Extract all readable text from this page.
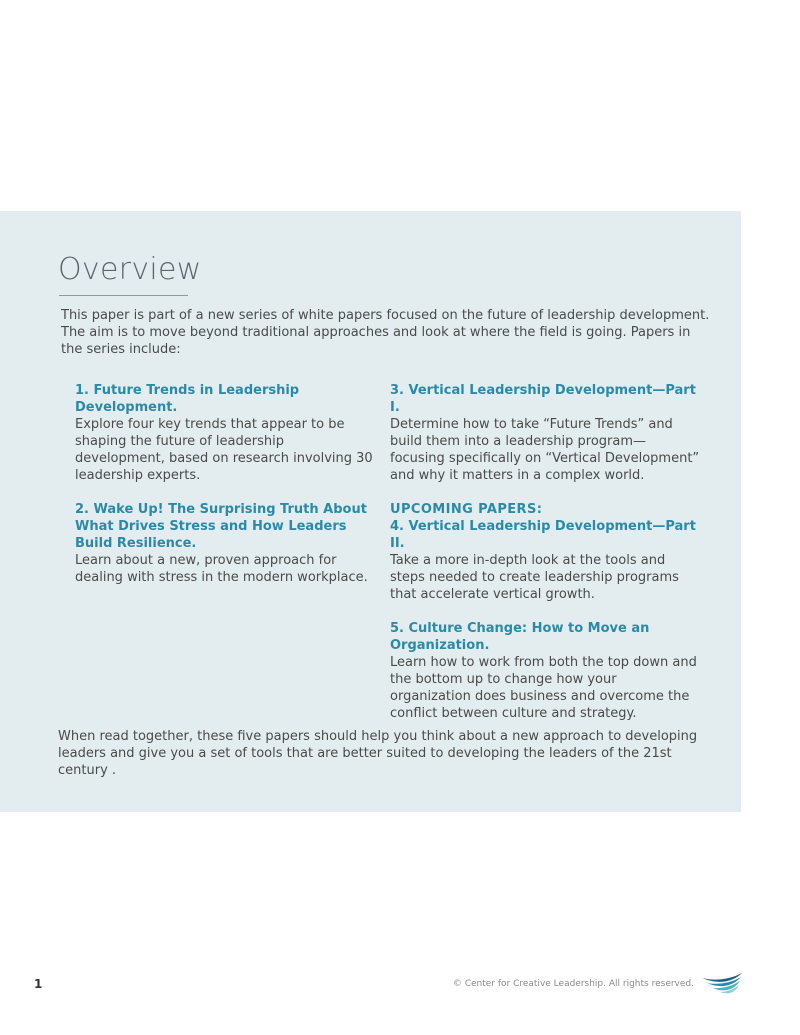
Overview

This paper is part of a new series of white papers focused on the future of leadership development. The aim is to move beyond traditional approaches and look at where the field is going. Papers in the series include:

1. Future Trends in Leadership Development.
Explore four key trends that appear to be shaping the future of leadership development, based on research involving 30 leadership experts.
2. Wake Up! The Surprising Truth About What Drives Stress and How Leaders Build Resilience.
Learn about a new, proven approach for dealing with stress in the modern workplace.
3. Vertical Leadership Development—Part I.
Determine how to take “Future Trends” and build them into a leadership program—focusing specifically on “Vertical Development” and why it matters in a complex world.
UPCOMING PAPERS:
4. Vertical Leadership Development—Part II.
Take a more in-depth look at the tools and steps needed to create leadership programs that accelerate vertical growth.
5. Culture Change: How to Move an Organization.
Learn how to work from both the top down and the bottom up to change how your organization does business and overcome the conflict between culture and strategy.

When read together, these five papers should help you think about a new approach to developing leaders and give you a set of tools that are better suited to developing the leaders of the 21st century .

1	© Center for Creative Leadership. All rights reserved.
